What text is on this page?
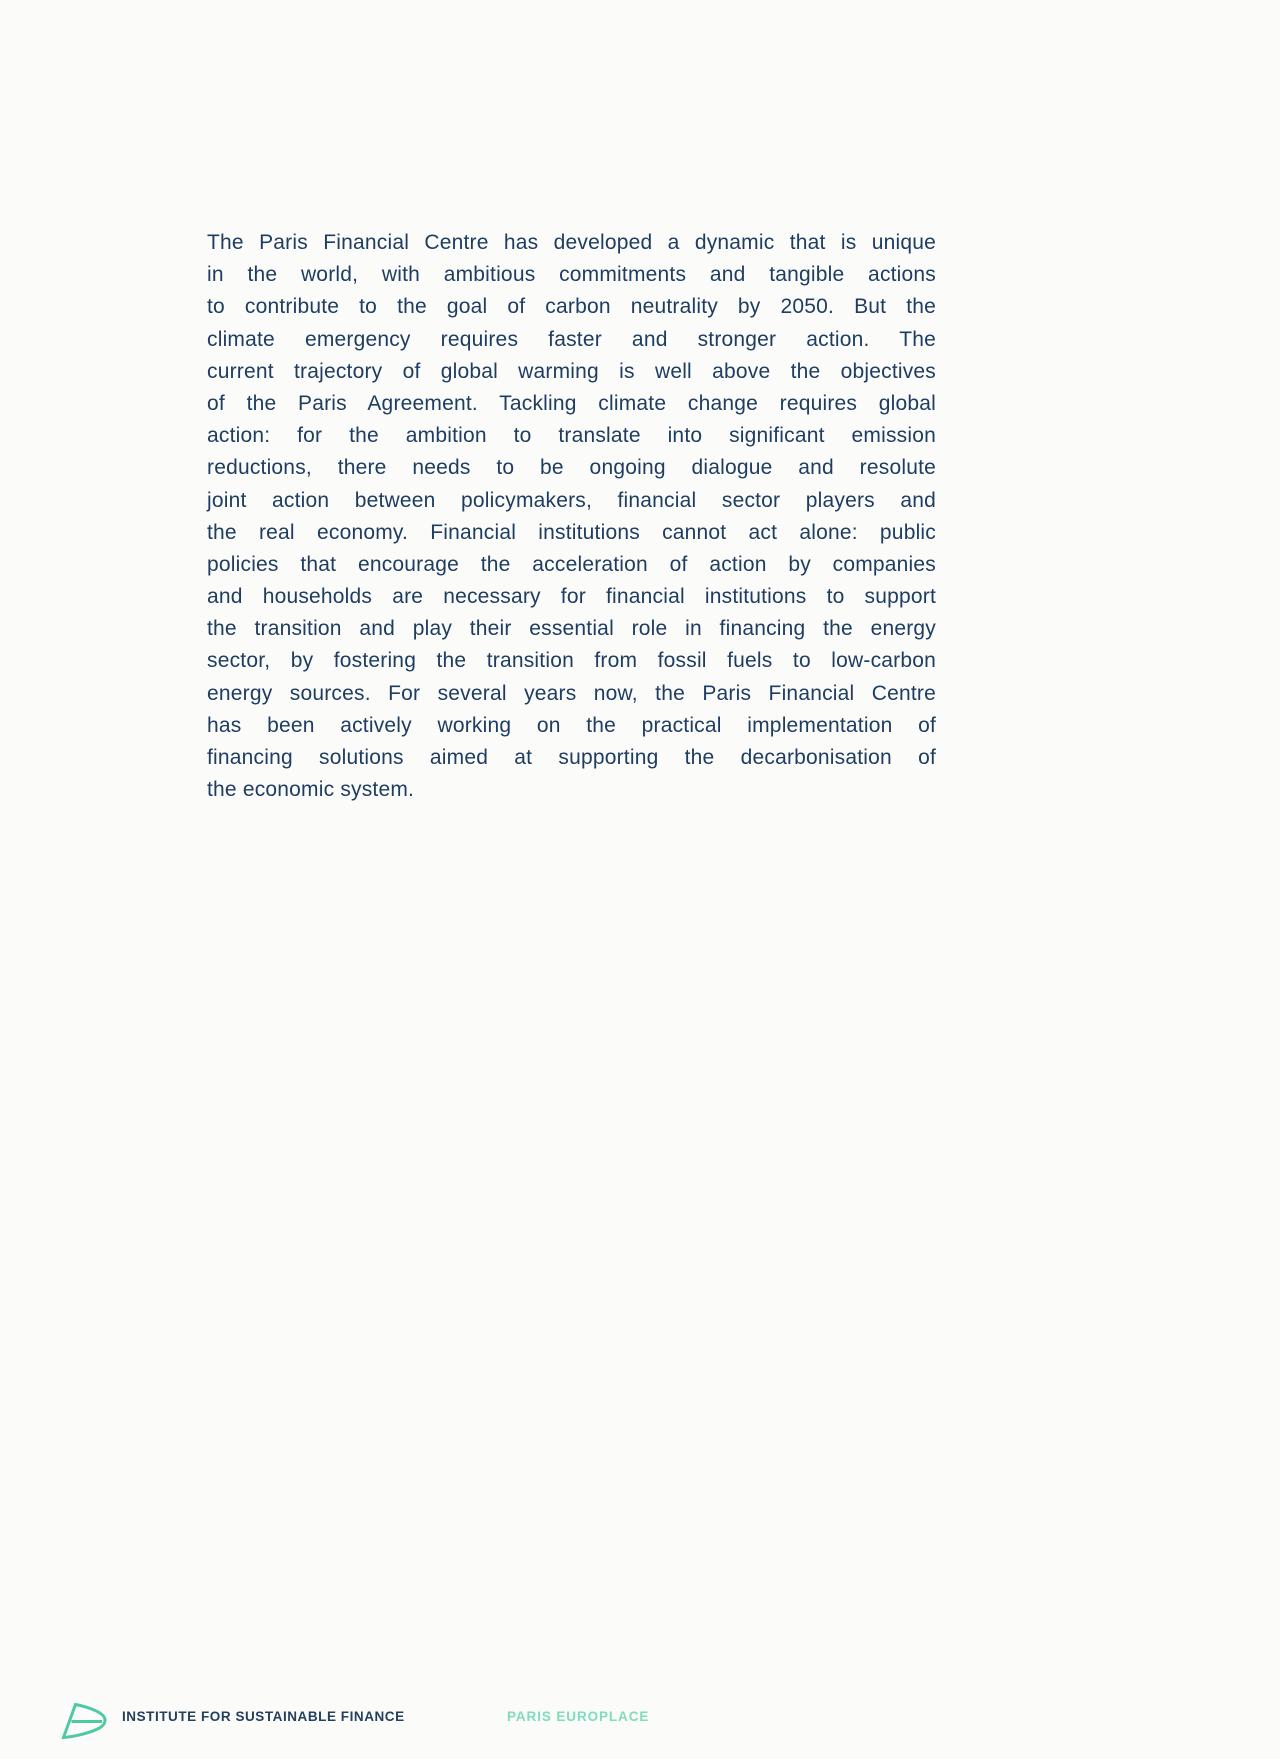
The Paris Financial Centre has developed a dynamic that is unique
in the world, with ambitious commitments and tangible actions
to contribute to the goal of carbon neutrality by 2050. But the
climate emergency requires faster and stronger action. The
current trajectory of global warming is well above the objectives
of the Paris Agreement. Tackling climate change requires global
action: for the ambition to translate into significant emission
reductions, there needs to be ongoing dialogue and resolute
joint action between policymakers, financial sector players and
the real economy. Financial institutions cannot act alone: public
policies that encourage the acceleration of action by companies
and households are necessary for financial institutions to support
the transition and play their essential role in financing the energy
sector, by fostering the transition from fossil fuels to low-carbon
energy sources. For several years now, the Paris Financial Centre
has been actively working on the practical implementation of
financing solutions aimed at supporting the decarbonisation of
the economic system.
INSTITUTE FOR SUSTAINABLE FINANCE	PARIS EUROPLACE
